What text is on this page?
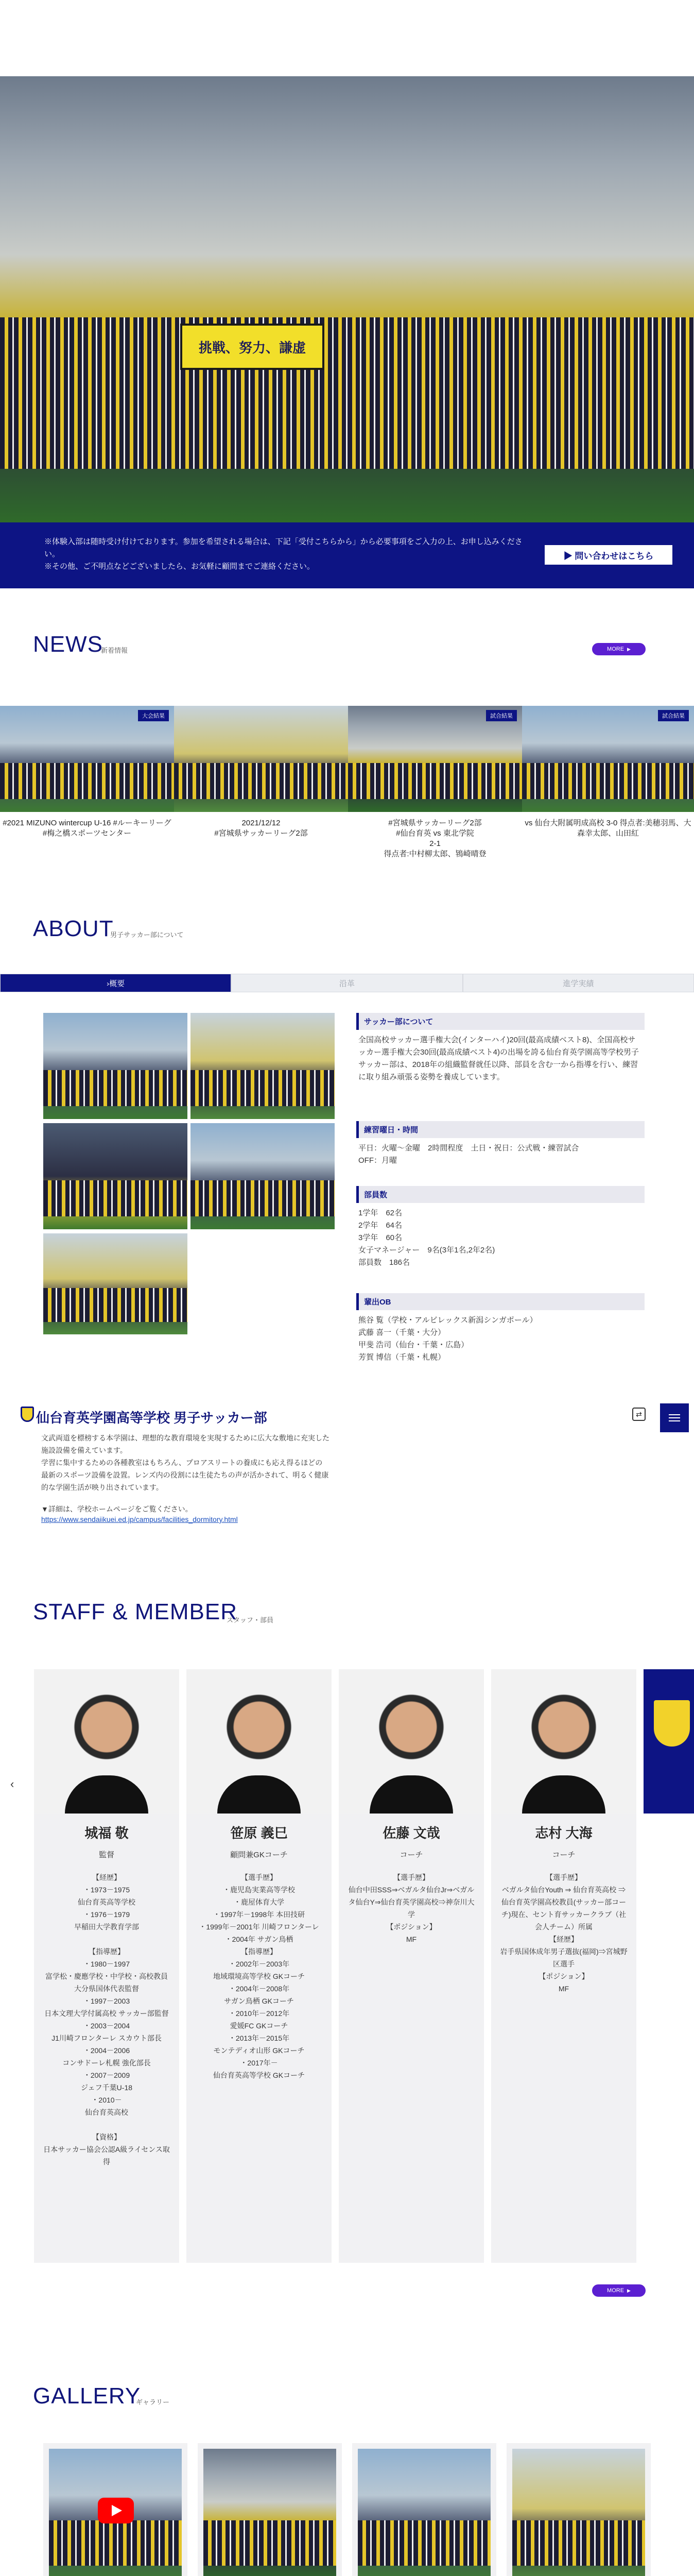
挑戦、努力、謙虚

※体験入部は随時受け付けております。参加を希望される場合は、下記「受付こちらから」から必要事項をご入力の上、お申し込みください。
※その他、ご不明点などございましたら、お気軽に顧問までご連絡ください。

▶ 問い合わせはこちら
NEWS
新着情報	MORE ▶
大会結果
#2021 MIZUNO wintercup U-16 #ルーキーリーグ
#梅之橋スポーツセンター
2021/12/12
#宮城県サッカーリーグ2部
試合結果
#宮城県サッカーリーグ2部
#仙台育英 vs 東北学院
2-1
得点者:中村柳太郎、鴇崎晴登
試合結果
vs 仙台大附属明成高校 3-0 得点者:美穂羽馬、大森幸太郎、山田紅
ABOUT
男子サッカー部について
›概要	沿革	進学実績
サッカー部について
全国高校サッカー選手権大会(インターハイ)20回(最高成績ベスト8)、全国高校サッカー選手権大会30回(最高成績ベスト4)の出場を誇る仙台育英学園高等学校男子サッカー部は、2018年の組織監督就任以降、部員を含む一から指導を行い、練習に取り組み頑張る姿勢を養成しています。
練習曜日・時間
平日：火曜〜金曜　2時間程度　土日・祝日：公式戦・練習試合
OFF：月曜
部員数
1学年　62名
2学年　64名
3学年　60名
女子マネージャー　9名(3年1名,2年2名)
部員数　186名
輩出OB
熊谷 覧（学校・アルビレックス新潟シンガポール）
武藤 喜一（千葉・大分）
甲斐 浩司（仙台・千葉・広島）
芳賀 博信（千葉・札幌）
仙台育英学園高等学校 男子サッカー部
文武両道を標榜する本学園は、理想的な教育環境を実現するために広大な敷地に充実した施設設備を備えています。
学習に集中するための各種教室はもちろん、プロアスリートの養成にも応え得るほどの最新のスポーツ設備を設置。レンズ内の役割には生徒たちの声が活かされて、明るく健康的な学園生活が映り出されています。
▼詳細は、学校ホームページをご覧ください。
https://www.sendaiikuei.ed.jp/campus/facilities_dormitory.html
⇄
STAFF & MEMBER
スタッフ・部員
‹
城福 敬
監督
【経歴】
・1973－1975
仙台育英高等学校
・1976－1979
早稲田大学教育学部

【指導歴】
・1980－1997
富学松・慶應学校・中学校・高校教員
大分県国体代表監督
・1997－2003
日本文理大学付属高校 サッカー部監督
・2003－2004
J1川崎フロンターレ スカウト部長
・2004－2006
コンサドーレ札幌 強化部長
・2007－2009
ジェフ千葉U-18
・2010－
仙台育英高校

【資格】
日本サッカー協会公認A級ライセンス取得
笹原 義巳
顧問兼GKコーチ
【選手歴】
・鹿児島実業高等学校
・鹿屋体育大学
・1997年－1998年 本田技研
・1999年－2001年 川崎フロンターレ
・2004年 サガン鳥栖
【指導歴】
・2002年－2003年
地域環境高等学校 GKコーチ
・2004年－2008年
サガン鳥栖 GKコーチ
・2010年－2012年
愛媛FC GKコーチ
・2013年－2015年
モンテディオ山形 GKコーチ
・2017年－
仙台育英高等学校 GKコーチ
佐藤 文哉
コーチ
【選手歴】
仙台中田SSS⇒ベガルタ仙台Jr⇒ベガルタ仙台Y⇒仙台育英学園高校⇒神奈川大学
【ポジション】
MF
志村 大海
コーチ
【選手歴】
ベガルタ仙台Youth ⇒ 仙台育英高校 ⇒ 仙台育英学園高校教員(サッカー部コーチ)現在、セント育サッカークラブ（社会人チーム）所属
【経歴】
岩手県国体成年男子選抜(福岡)⇒宮城野区選手
【ポジション】
MF
MORE ▶
GALLERY
ギャラリー
